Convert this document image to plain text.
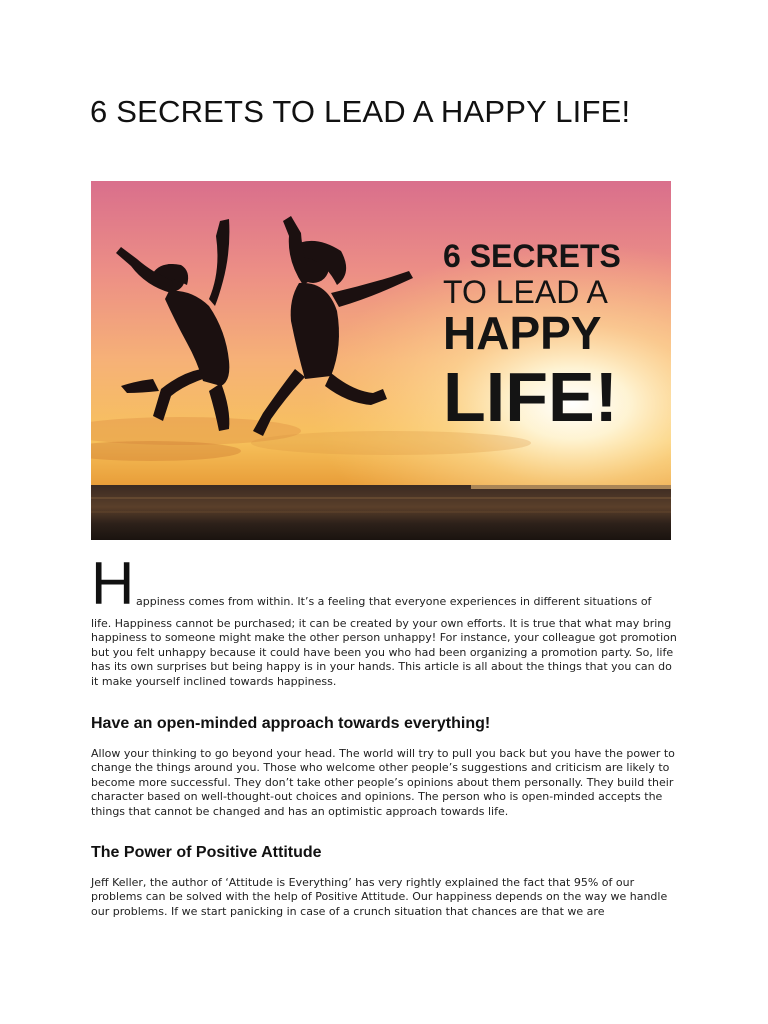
6 SECRETS TO LEAD A HAPPY LIFE!
6 SECRETS
TO LEAD A
HAPPY
LIFE!
H appiness comes from within. It’s a feeling that everyone experiences in different situations of

life. Happiness cannot be purchased; it can be created by your own efforts. It is true that what may bring happiness to someone might make the other person unhappy! For instance, your colleague got promotion but you felt unhappy because it could have been you who had been organizing a promotion party. So, life has its own surprises but being happy is in your hands. This article is all about the things that you can do it make yourself inclined towards happiness.

Have an open-minded approach towards everything!

Allow your thinking to go beyond your head. The world will try to pull you back but you have the power to change the things around you. Those who welcome other people’s suggestions and criticism are likely to become more successful. They don’t take other people’s opinions about them personally. They build their character based on well-thought-out choices and opinions. The person who is open-minded accepts the things that cannot be changed and has an optimistic approach towards life.

The Power of Positive Attitude

Jeff Keller, the author of ‘Attitude is Everything’ has very rightly explained the fact that 95% of our problems can be solved with the help of Positive Attitude. Our happiness depends on the way we handle our problems. If we start panicking in case of a crunch situation that chances are that we are
